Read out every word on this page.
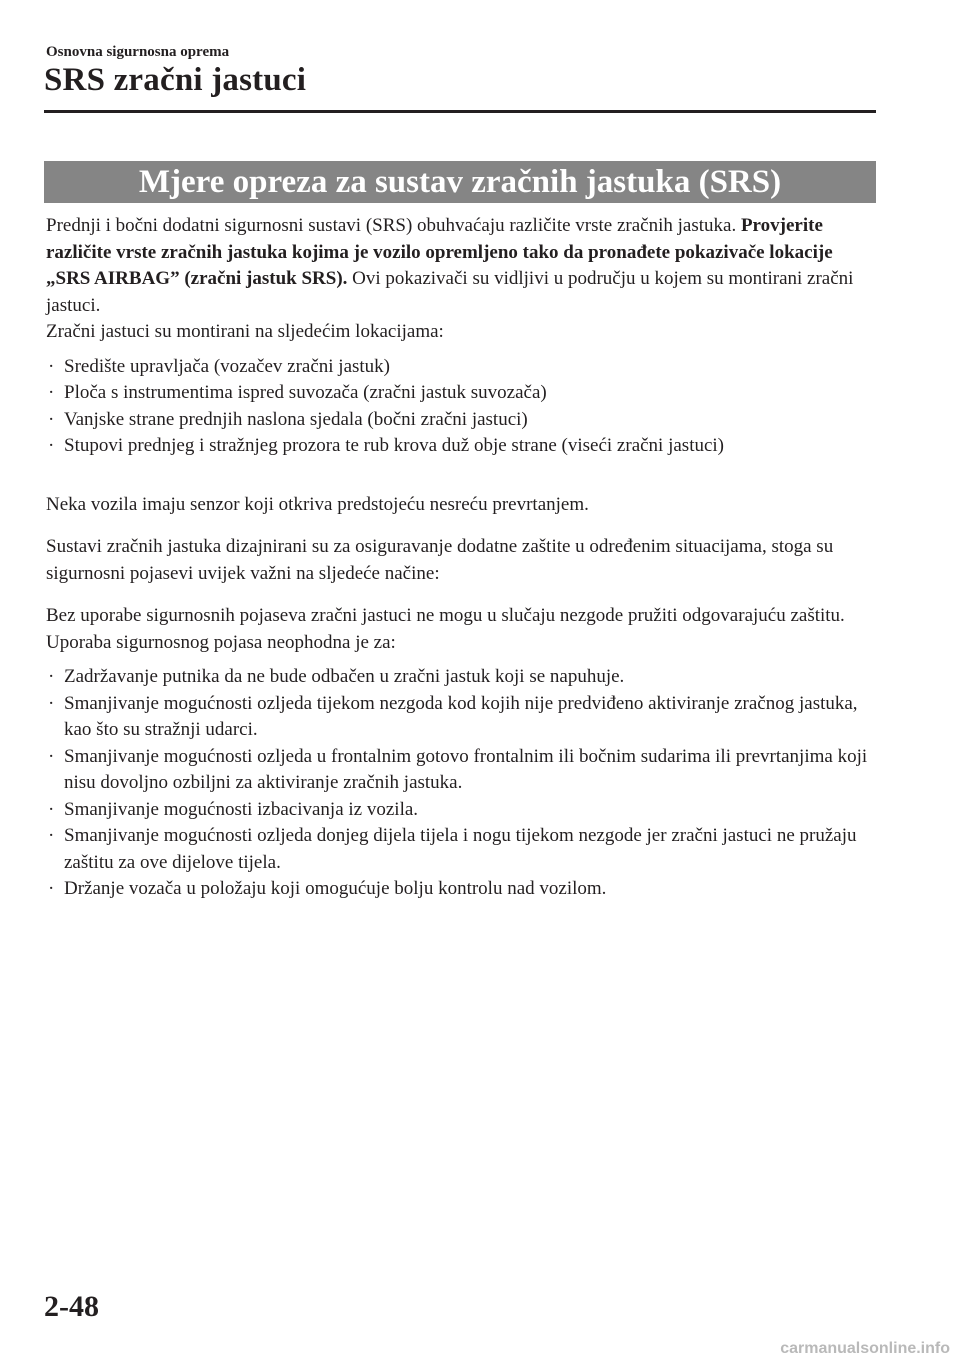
Osnovna sigurnosna oprema
SRS zračni jastuci
Mjere opreza za sustav zračnih jastuka (SRS)

Prednji i bočni dodatni sigurnosni sustavi (SRS) obuhvaćaju različite vrste zračnih jastuka. Provjerite različite vrste zračnih jastuka kojima je vozilo opremljeno tako da pronađete pokazivače lokacije „SRS AIRBAG” (zračni jastuk SRS). Ovi pokazivači su vidljivi u području u kojem su montirani zračni jastuci.

Zračni jastuci su montirani na sljedećim lokacijama:

· Središte upravljača (vozačev zračni jastuk)
· Ploča s instrumentima ispred suvozača (zračni jastuk suvozača)
· Vanjske strane prednjih naslona sjedala (bočni zračni jastuci)
· Stupovi prednjeg i stražnjeg prozora te rub krova duž obje strane (viseći zračni jastuci)

Neka vozila imaju senzor koji otkriva predstojeću nesreću prevrtanjem.

Sustavi zračnih jastuka dizajnirani su za osiguravanje dodatne zaštite u određenim situacijama, stoga su sigurnosni pojasevi uvijek važni na sljedeće načine:

Bez uporabe sigurnosnih pojaseva zračni jastuci ne mogu u slučaju nezgode pružiti odgovarajuću zaštitu. Uporaba sigurnosnog pojasa neophodna je za:

· Zadržavanje putnika da ne bude odbačen u zračni jastuk koji se napuhuje.
· Smanjivanje mogućnosti ozljeda tijekom nezgoda kod kojih nije predviđeno aktiviranje zračnog jastuka, kao što su stražnji udarci.
· Smanjivanje mogućnosti ozljeda u frontalnim gotovo frontalnim ili bočnim sudarima ili prevrtanjima koji nisu dovoljno ozbiljni za aktiviranje zračnih jastuka.
· Smanjivanje mogućnosti izbacivanja iz vozila.
· Smanjivanje mogućnosti ozljeda donjeg dijela tijela i nogu tijekom nezgode jer zračni jastuci ne pružaju zaštitu za ove dijelove tijela.
· Držanje vozača u položaju koji omogućuje bolju kontrolu nad vozilom.
2-48
carmanualsonline.info
